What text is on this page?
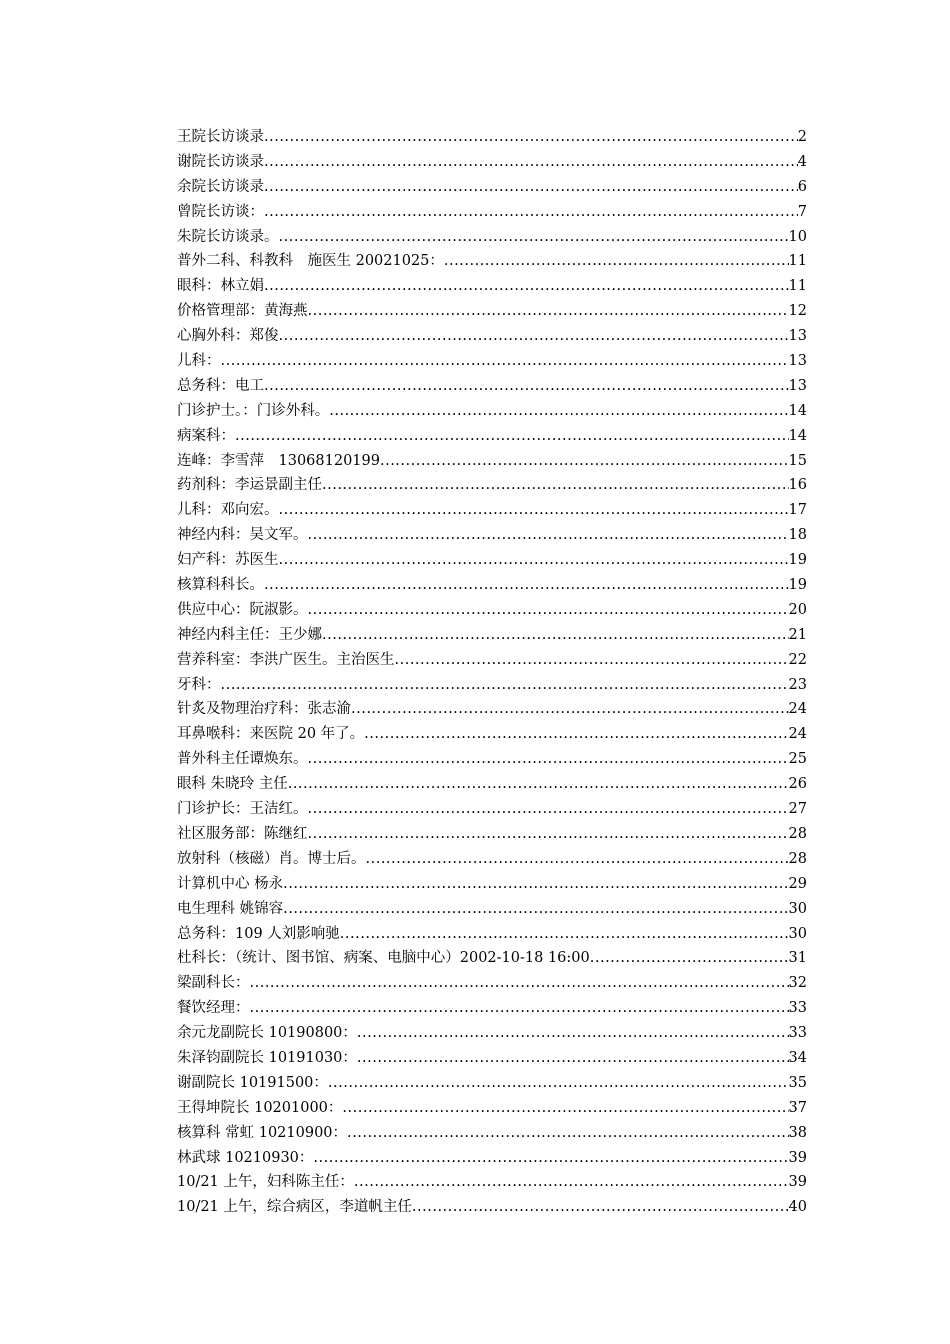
王院长访谈录 .....	2
谢院长访谈录 .....	4
余院长访谈录 .....	6
曾院长访谈： .....	7
朱院长访谈录。 .....	10
普外二科、科教科　施医生 20021025： .....	11
眼科：林立娟 .....	11
价格管理部：黄海燕 .....	12
心胸外科：郑俊 .....	13
儿科： .....	13
总务科：电工 .....	13
门诊护士。：门诊外科。 .....	14
病案科： .....	14
连峰：李雪萍　13068120199 .....	15
药剂科：李运景副主任 .....	16
儿科：邓向宏。 .....	17
神经内科：吴文军。 .....	18
妇产科：苏医生 .....	19
核算科科长。 .....	19
供应中心：阮淑影。 .....	20
神经内科主任：王少娜 .....	21
营养科室：李洪广医生。主治医生 .....	22
牙科： .....	23
针炙及物理治疗科：张志渝 .....	24
耳鼻喉科：来医院 20 年了。 .....	24
普外科主任谭焕东。 .....	25
眼科 朱晓玲 主任 .....	26
门诊护长：王洁红。 .....	27
社区服务部：陈继红 .....	28
放射科（核磁）肖。博士后。 .....	28
计算机中心 杨永 .....	29
电生理科 姚锦容 .....	30
总务科：109 人刘影响驰 .....	30
杜科长：（统计、图书馆、病案、电脑中心）2002-10-18 16:00 .....	31
梁副科长： .....	32
餐饮经理： .....	33
余元龙副院长 10190800： .....	33
朱泽钧副院长 10191030： .....	34
谢副院长 10191500： .....	35
王得坤院长 10201000： .....	37
核算科 常虹 10210900： .....	38
林武球 10210930： .....	39
10/21 上午，妇科陈主任： .....	39
10/21 上午，综合病区，李道帆主任 .....	40
